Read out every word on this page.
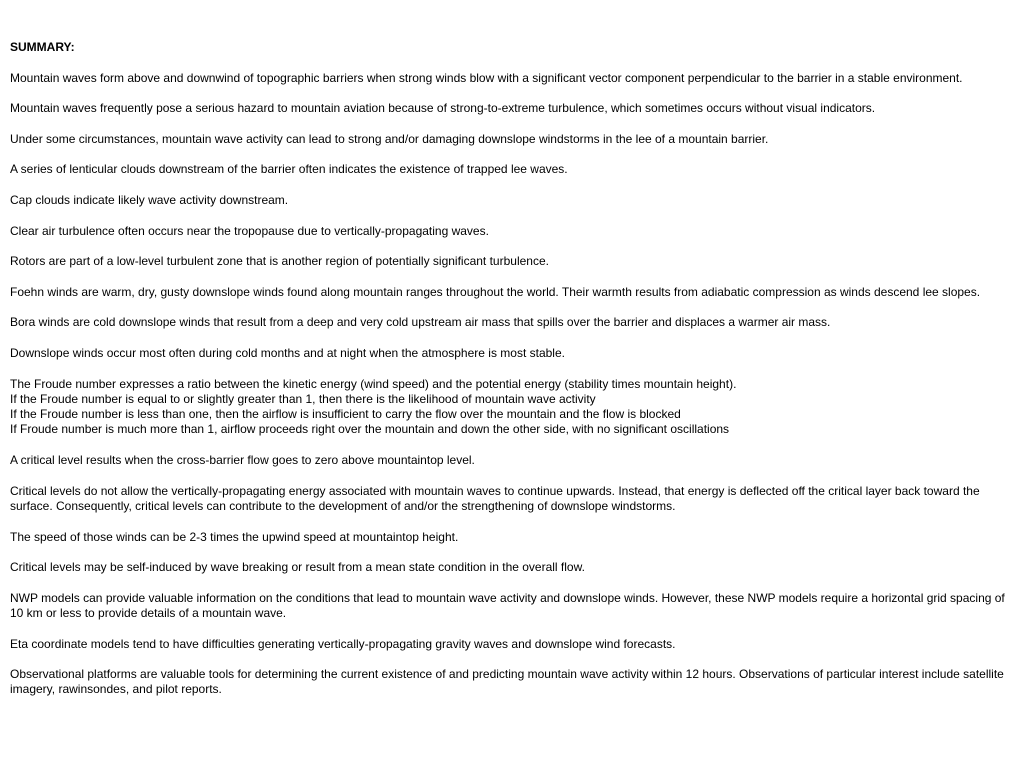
SUMMARY:
Mountain waves form above and downwind of topographic barriers when strong winds blow with a significant vector component perpendicular to the barrier in a stable environment.
Mountain waves frequently pose a serious hazard to mountain aviation because of strong-to-extreme turbulence, which sometimes occurs without visual indicators.
Under some circumstances, mountain wave activity can lead to strong and/or damaging downslope windstorms in the lee of a mountain barrier.
A series of lenticular clouds downstream of the barrier often indicates the existence of trapped lee waves.
Cap clouds indicate likely wave activity downstream.
Clear air turbulence often occurs near the tropopause due to vertically-propagating waves.
Rotors are part of a low-level turbulent zone that is another region of potentially significant turbulence.
Foehn winds are warm, dry, gusty downslope winds found along mountain ranges throughout the world. Their warmth results from adiabatic compression as winds descend lee slopes.
Bora winds are cold downslope winds that result from a deep and very cold upstream air mass that spills over the barrier and displaces a warmer air mass.
Downslope winds occur most often during cold months and at night when the atmosphere is most stable.
The Froude number expresses a ratio between the kinetic energy (wind speed) and the potential energy (stability times mountain height).
If the Froude number is equal to or slightly greater than 1, then there is the likelihood of mountain wave activity
If the Froude number is less than one, then the airflow is insufficient to carry the flow over the mountain and the flow is blocked
If Froude number is much more than 1, airflow proceeds right over the mountain and down the other side, with no significant oscillations
A critical level results when the cross-barrier flow goes to zero above mountaintop level.
Critical levels do not allow the vertically-propagating energy associated with mountain waves to continue upwards. Instead, that energy is deflected off the critical layer back toward the surface. Consequently, critical levels can contribute to the development of and/or the strengthening of downslope windstorms.
The speed of those winds can be 2-3 times the upwind speed at mountaintop height.
Critical levels may be self-induced by wave breaking or result from a mean state condition in the overall flow.
NWP models can provide valuable information on the conditions that lead to mountain wave activity and downslope winds. However, these NWP models require a horizontal grid spacing of 10 km or less to provide details of a mountain wave.
Eta coordinate models tend to have difficulties generating vertically-propagating gravity waves and downslope wind forecasts.
Observational platforms are valuable tools for determining the current existence of and predicting mountain wave activity within 12 hours. Observations of particular interest include satellite imagery, rawinsondes, and pilot reports.
